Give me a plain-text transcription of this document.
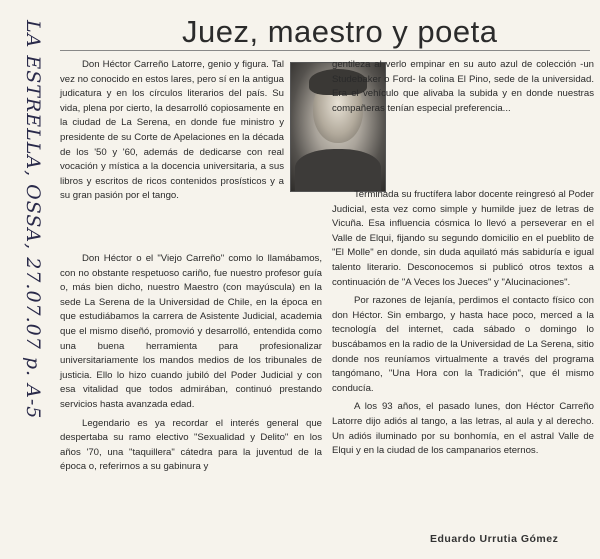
LA ESTRELLA, OSSA, 27.07.07 p. A-5	Juez, maestro y poeta

Don Héctor Carreño Latorre, genio y figura. Tal vez no conocido en estos lares, pero sí en la antigua judicatura y en los círculos literarios del país. Su vida, plena por cierto, la desarrolló copiosamente en la ciudad de La Serena, en donde fue ministro y presidente de su Corte de Apelaciones en la década de los '50 y '60, además de dedicarse con real vocación y mística a la docencia universitaria, a sus libros y escritos de ricos contenidos prosísticos y a su gran pasión por el tango.

Don Héctor o el "Viejo Carreño" como lo llamábamos, con no obstante respetuoso cariño, fue nuestro profesor guía o, más bien dicho, nuestro Maestro (con mayúscula) en la sede La Serena de la Universidad de Chile, en la época en que estudiábamos la carrera de Asistente Judicial, academia que el mismo diseñó, promovió y desarrolló, entendida como una buena herramienta para profesionalizar universitariamente los mandos medios de los tribunales de justicia. Ello lo hizo cuando jubiló del Poder Judicial y con esa vitalidad que todos admirában, continuó prestando servicios hasta avanzada edad.

Legendario es ya recordar el interés general que despertaba su ramo electivo "Sexualidad y Delito" en los años '70, una "taquillera" cátedra para la juventud de la época o, referirnos a su gabinura y

gentileza al verlo empinar en su auto azul de colección -un Studebaker o Ford- la colina El Pino, sede de la universidad. Era el vehículo que alivaba la subida y en donde nuestras compañeras tenían especial preferencia...

Terminada su fructífera labor docente reingresó al Poder Judicial, esta vez como simple y humilde juez de letras de Vicuña. Esa influencia cósmica lo llevó a perseverar en el Valle de Elqui, fijando su segundo domicilio en el pueblito de "El Molle" en donde, sin duda aquilató más sabiduría e igual talento literario. Desconocemos si publicó otros textos a continuación de "A Veces los Jueces" y "Alucinaciones".

Por razones de lejanía, perdimos el contacto físico con don Héctor. Sin embargo, y hasta hace poco, merced a la tecnología del internet, cada sábado o domingo lo buscábamos en la radio de la Universidad de La Serena, sitio donde nos reuníamos virtualmente a través del programa tangómano, "Una Hora con la Tradición", que él mismo conducía.

A los 93 años, el pasado lunes, don Héctor Carreño Latorre dijo adiós al tango, a las letras, al aula y al derecho. Un adiós iluminado por su bonhomía, en el astral Valle de Elqui y en la ciudad de los campanarios eternos.

Eduardo Urrutia Gómez
